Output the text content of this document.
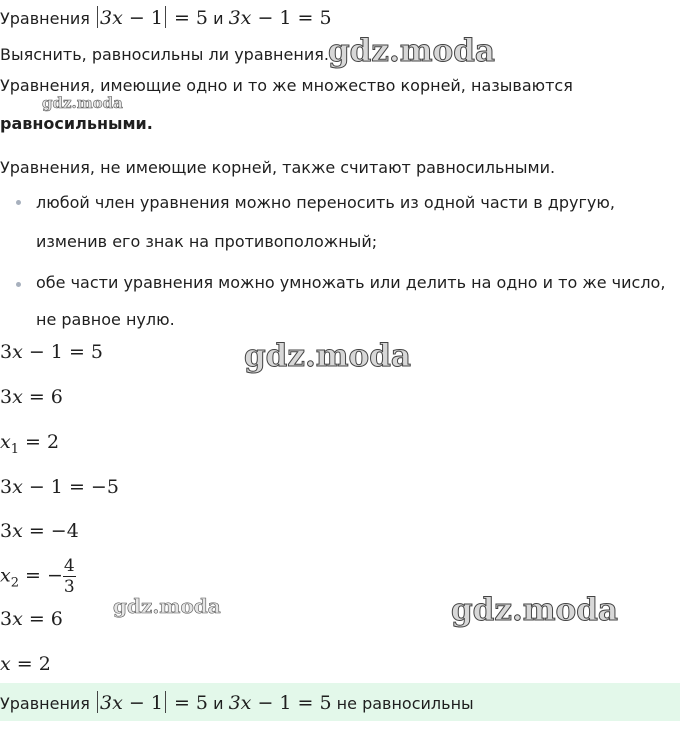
Уравнения 3x − 1 = 5 и 3x − 1 = 5
Выяснить, равносильны ли уравнения.
Уравнения, имеющие одно и то же множество корней, называются
равносильными.
Уравнения, не имеющие корней, также считают равносильными.
любой член уравнения можно переносить из одной части в другую,
изменив его знак на противоположный;
обе части уравнения можно умножать или делить на одно и то же число,
не равное нулю.
3x − 1 = 5
3x = 6
$x_1 = 2$
3x − 1 = −5
3x = −4
$x_2$ = − $\frac{4}{3}$
3x = 6
x = 2
Уравнения 3x − 1 = 5 и 3x − 1 = 5 не равносильны
gdz.moda
gdz.moda
gdz.moda
gdz.moda	gdz.moda
